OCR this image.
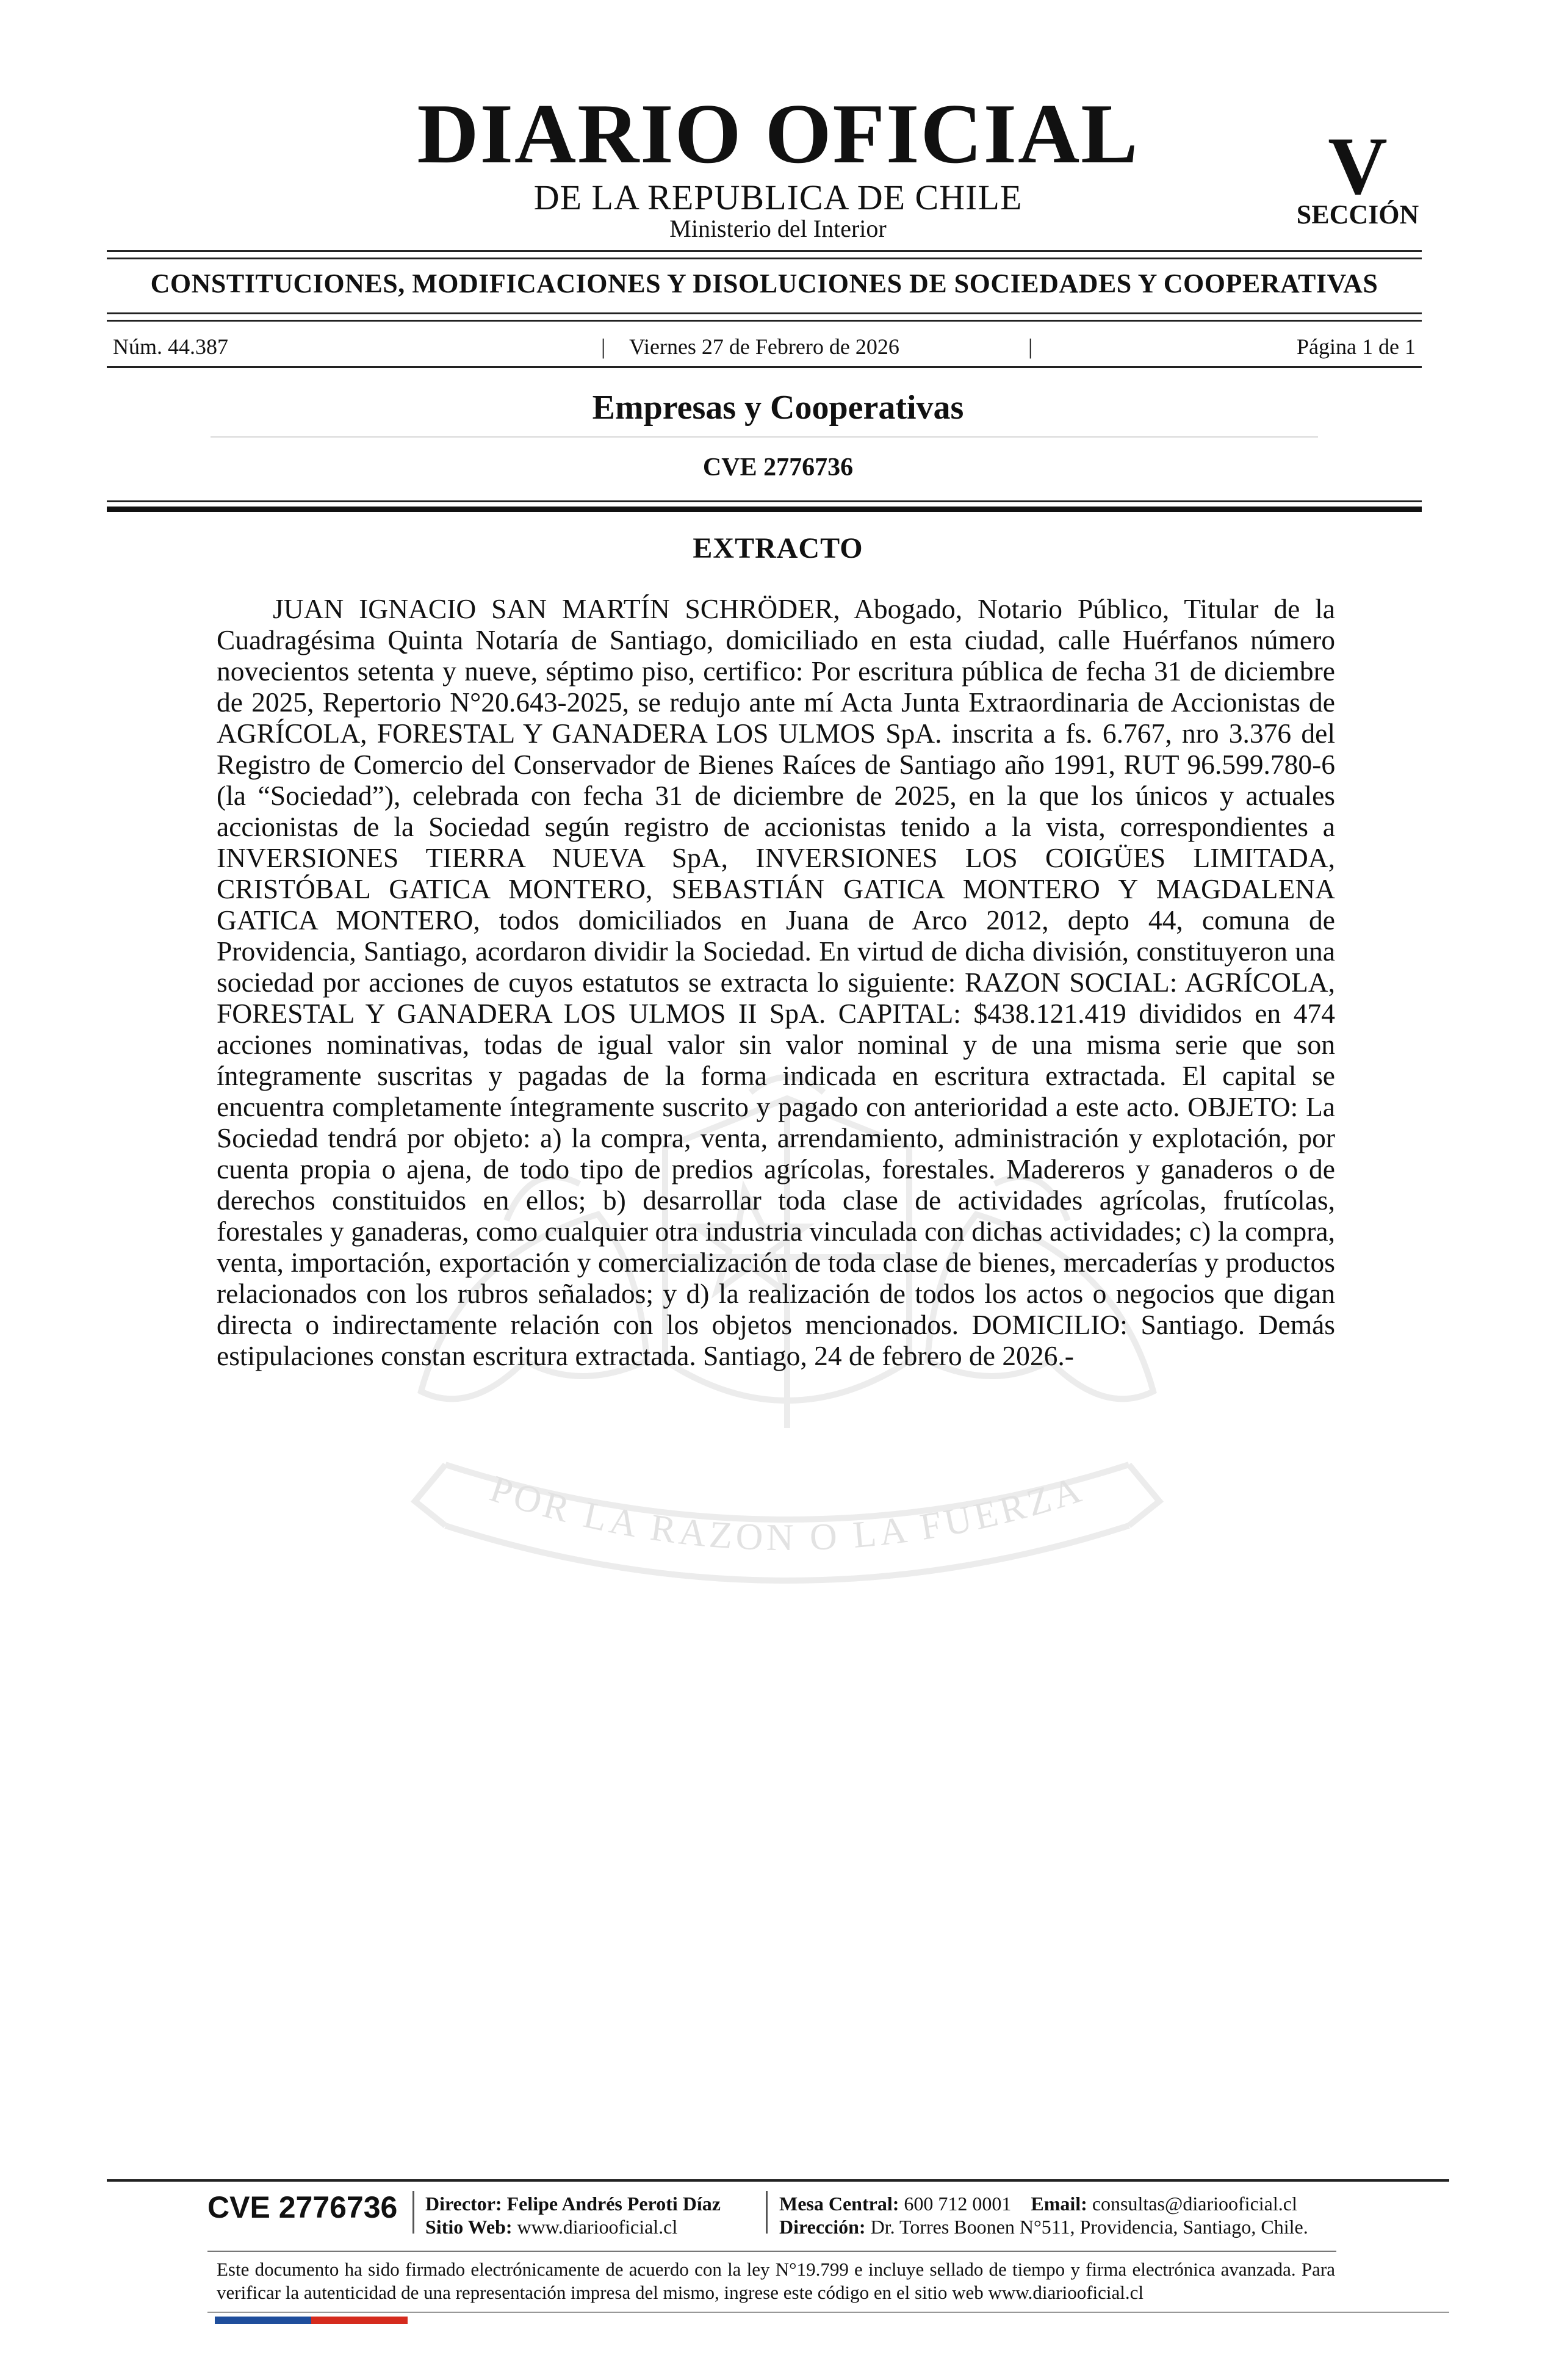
DIARIO OFICIAL
DE LA REPUBLICA DE CHILE
Ministerio del Interior
V
SECCIÓN
CONSTITUCIONES, MODIFICACIONES Y DISOLUCIONES DE SOCIEDADES Y COOPERATIVAS
Viernes 27 de Febrero de 2026
Núm. 44.387	|	|	Página 1 de 1
Empresas y Cooperativas
CVE 2776736
POR LA RAZON O LA FUERZA
EXTRACTO

JUAN IGNACIO SAN MARTÍN SCHRÖDER, Abogado, Notario Público, Titular de la Cuadragésima Quinta Notaría de Santiago, domiciliado en esta ciudad, calle Huérfanos número novecientos setenta y nueve, séptimo piso, certifico: Por escritura pública de fecha 31 de diciembre de 2025, Repertorio N°20.643-2025, se redujo ante mí Acta Junta Extraordinaria de Accionistas de AGRÍCOLA, FORESTAL Y GANADERA LOS ULMOS SpA. inscrita a fs. 6.767, nro 3.376 del Registro de Comercio del Conservador de Bienes Raíces de Santiago año 1991, RUT 96.599.780-6 (la “Sociedad”), celebrada con fecha 31 de diciembre de 2025, en la que los únicos y actuales accionistas de la Sociedad según registro de accionistas tenido a la vista, correspondientes a INVERSIONES TIERRA NUEVA SpA, INVERSIONES LOS COIGÜES LIMITADA, CRISTÓBAL GATICA MONTERO, SEBASTIÁN GATICA MONTERO Y MAGDALENA GATICA MONTERO, todos domiciliados en Juana de Arco 2012, depto 44, comuna de Providencia, Santiago, acordaron dividir la Sociedad. En virtud de dicha división, constituyeron una sociedad por acciones de cuyos estatutos se extracta lo siguiente: RAZON SOCIAL: AGRÍCOLA, FORESTAL Y GANADERA LOS ULMOS II SpA. CAPITAL: $438.121.419 divididos en 474 acciones nominativas, todas de igual valor sin valor nominal y de una misma serie que son íntegramente suscritas y pagadas de la forma indicada en escritura extractada. El capital se encuentra completamente íntegramente suscrito y pagado con anterioridad a este acto. OBJETO: La Sociedad tendrá por objeto: a) la compra, venta, arrendamiento, administración y explotación, por cuenta propia o ajena, de todo tipo de predios agrícolas, forestales. Madereros y ganaderos o de derechos constituidos en ellos; b) desarrollar toda clase de actividades agrícolas, frutícolas, forestales y ganaderas, como cualquier otra industria vinculada con dichas actividades; c) la compra, venta, importación, exportación y comercialización de toda clase de bienes, mercaderías y productos relacionados con los rubros señalados; y d) la realización de todos los actos o negocios que digan directa o indirectamente relación con los objetos mencionados. DOMICILIO: Santiago. Demás estipulaciones constan escritura extractada. Santiago, 24 de febrero de 2026.-

CVE 2776736 Director: Felipe Andrés Peroti Díaz
Sitio Web: www.diariooficial.cl
Mesa Central: 600 712 0001 Email: consultas@diariooficial.cl
Dirección: Dr. Torres Boonen N°511, Providencia, Santiago, Chile.

Este documento ha sido firmado electrónicamente de acuerdo con la ley N°19.799 e incluye sellado de tiempo y firma electrónica avanzada. Para verificar la autenticidad de una representación impresa del mismo, ingrese este código en el sitio web www.diariooficial.cl
